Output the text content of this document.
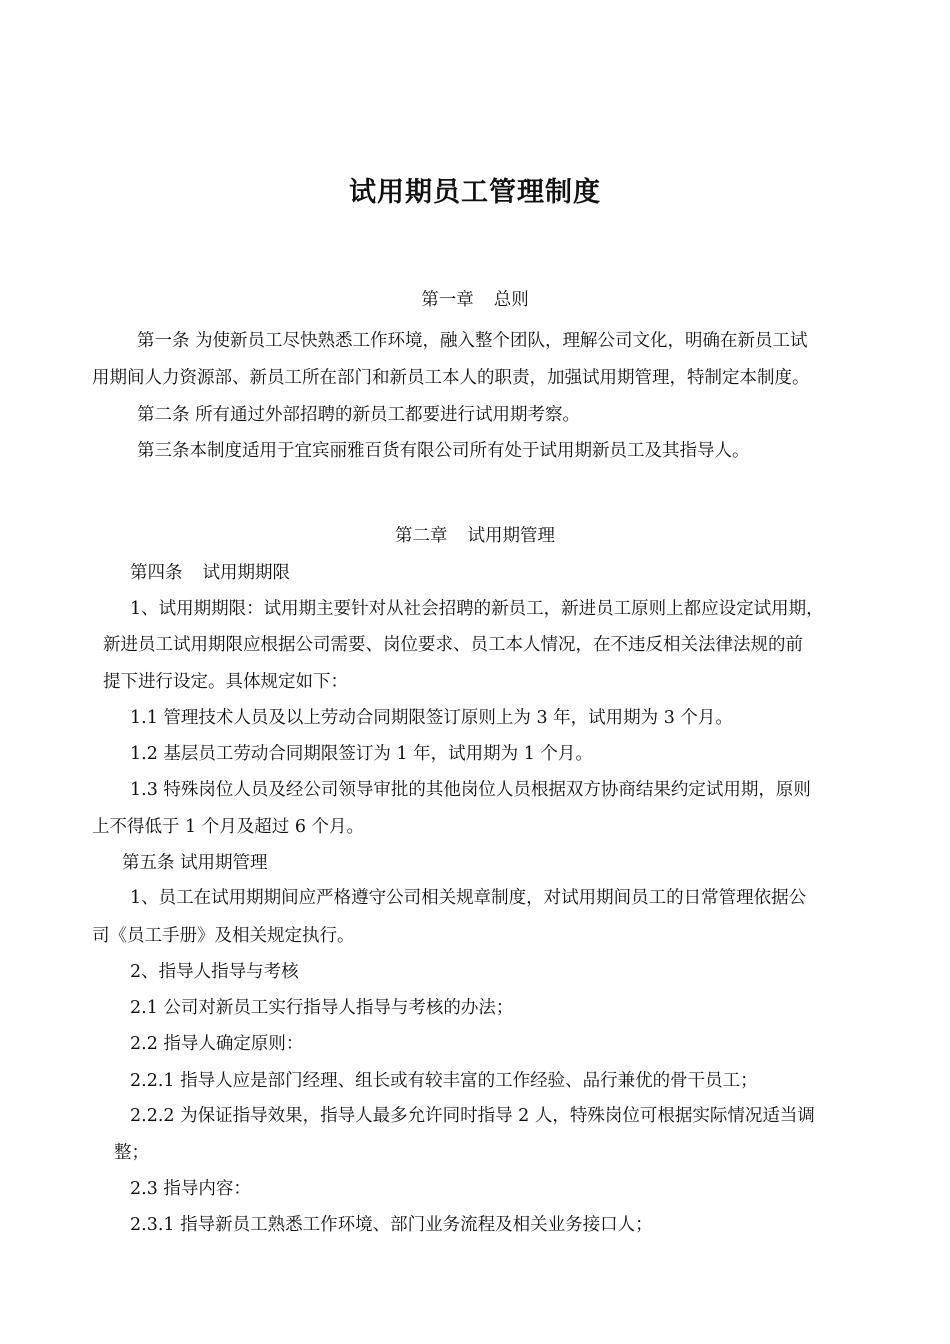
试用期员工管理制度
第一章 总则
第一条 为使新员工尽快熟悉工作环境，融入整个团队，理解公司文化，明确在新员工试
用期间人力资源部、新员工所在部门和新员工本人的职责，加强试用期管理，特制定本制度。
第二条 所有通过外部招聘的新员工都要进行试用期考察。
第三条本制度适用于宜宾丽雅百货有限公司所有处于试用期新员工及其指导人。
第二章 试用期管理
第四条 试用期期限
1、试用期期限：试用期主要针对从社会招聘的新员工，新进员工原则上都应设定试用期，
新进员工试用期限应根据公司需要、岗位要求、员工本人情况，在不违反相关法律法规的前
提下进行设定。具体规定如下：
1.1 管理技术人员及以上劳动合同期限签订原则上为 3 年，试用期为 3 个月。
1.2 基层员工劳动合同期限签订为 1 年，试用期为 1 个月。
1.3 特殊岗位人员及经公司领导审批的其他岗位人员根据双方协商结果约定试用期，原则
上不得低于 1 个月及超过 6 个月。
第五条 试用期管理
1、员工在试用期期间应严格遵守公司相关规章制度，对试用期间员工的日常管理依据公
司《员工手册》及相关规定执行。
2、指导人指导与考核
2.1 公司对新员工实行指导人指导与考核的办法；
2.2 指导人确定原则：
2.2.1 指导人应是部门经理、组长或有较丰富的工作经验、品行兼优的骨干员工；
2.2.2 为保证指导效果，指导人最多允许同时指导 2 人，特殊岗位可根据实际情况适当调
整；
2.3 指导内容：
2.3.1 指导新员工熟悉工作环境、部门业务流程及相关业务接口人；
